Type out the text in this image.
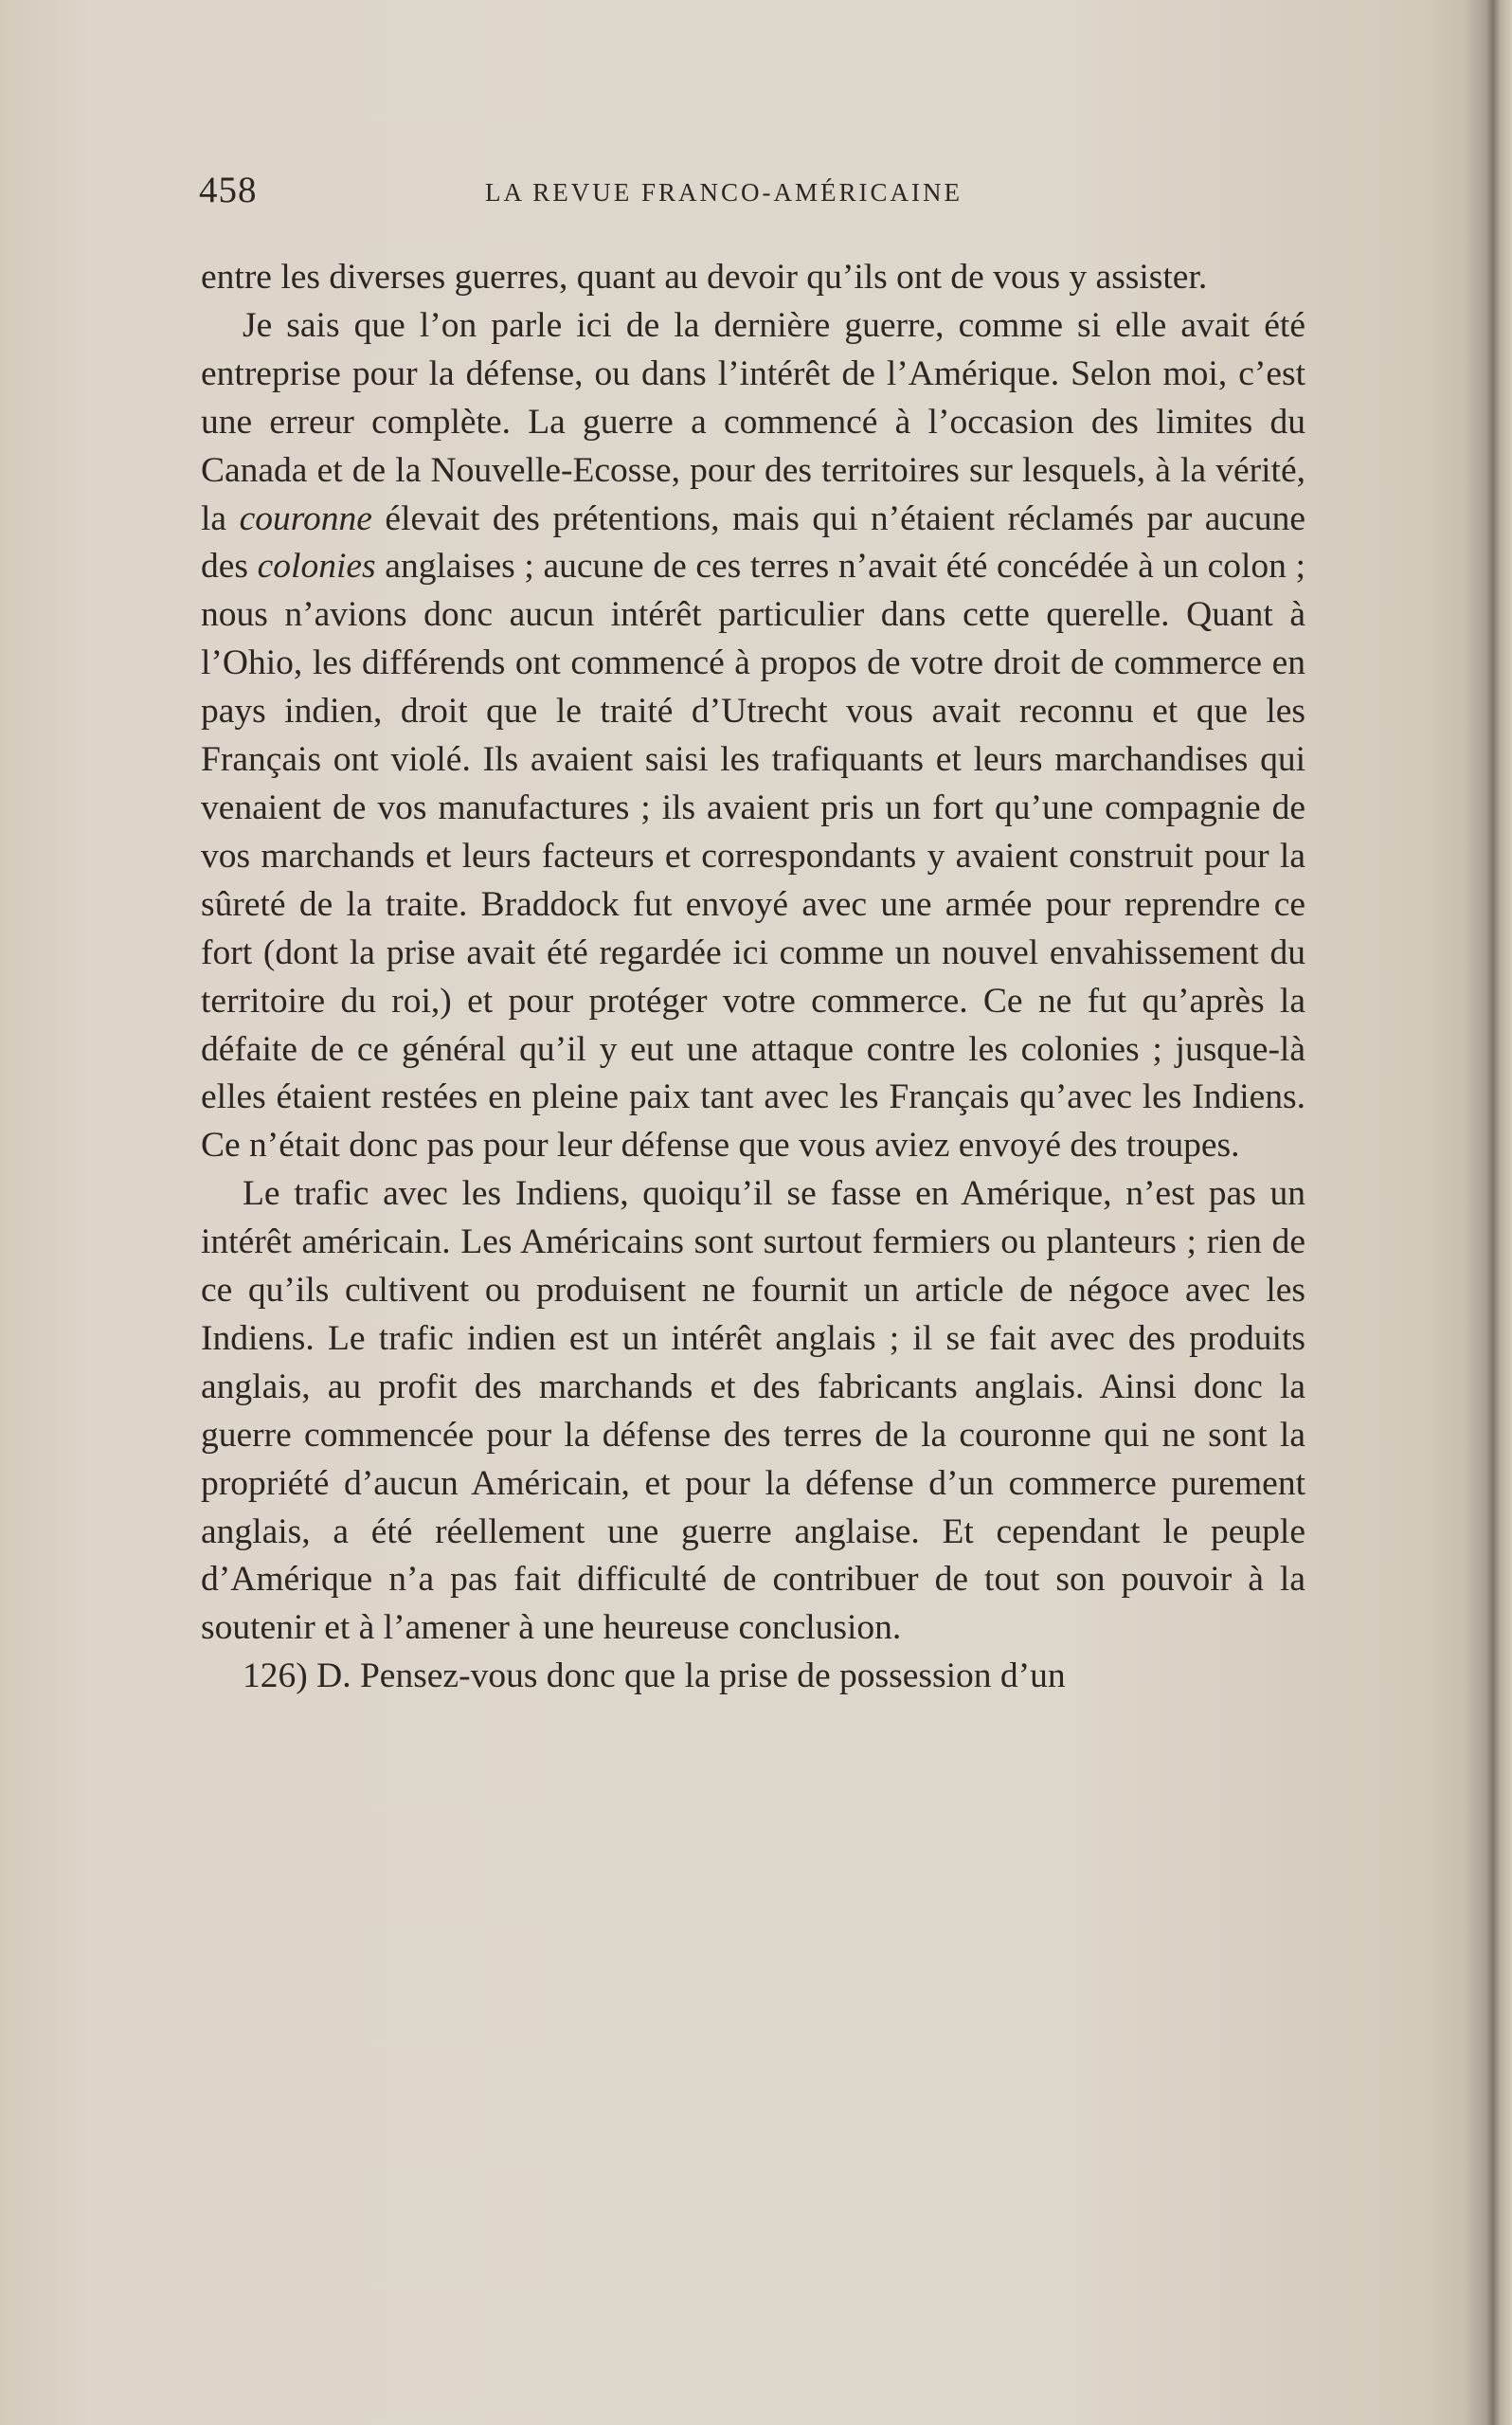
458	LA REVUE FRANCO-AMÉRICAINE

entre les diverses guerres, quant au devoir qu’ils ont de vous y assister.

Je sais que l’on parle ici de la dernière guerre, comme si elle avait été entreprise pour la défense, ou dans l’intérêt de l’Amérique. Selon moi, c’est une erreur complète. La guerre a commencé à l’occasion des limites du Canada et de la Nouvelle-Ecosse, pour des territoires sur lesquels, à la vérité, la couronne élevait des prétentions, mais qui n’étaient réclamés par aucune des colonies anglaises ; aucune de ces terres n’avait été concédée à un colon ; nous n’avions donc aucun intérêt particulier dans cette querelle. Quant à l’Ohio, les différends ont commencé à propos de votre droit de commerce en pays indien, droit que le traité d’Utrecht vous avait reconnu et que les Français ont violé. Ils avaient saisi les trafiquants et leurs marchandises qui venaient de vos manufactures ; ils avaient pris un fort qu’une compagnie de vos marchands et leurs facteurs et correspondants y avaient construit pour la sûreté de la traite. Braddock fut envoyé avec une armée pour reprendre ce fort (dont la prise avait été regardée ici comme un nouvel envahissement du territoire du roi,) et pour protéger votre commerce. Ce ne fut qu’après la défaite de ce général qu’il y eut une attaque contre les colonies ; jusque-là elles étaient restées en pleine paix tant avec les Français qu’avec les Indiens. Ce n’était donc pas pour leur défense que vous aviez envoyé des troupes.

Le trafic avec les Indiens, quoiqu’il se fasse en Amérique, n’est pas un intérêt américain. Les Américains sont surtout fermiers ou planteurs ; rien de ce qu’ils cultivent ou produisent ne fournit un article de négoce avec les Indiens. Le trafic indien est un intérêt anglais ; il se fait avec des produits anglais, au profit des marchands et des fabricants anglais. Ainsi donc la guerre commencée pour la défense des terres de la couronne qui ne sont la propriété d’aucun Américain, et pour la défense d’un commerce purement anglais, a été réellement une guerre anglaise. Et cependant le peuple d’Amérique n’a pas fait difficulté de contribuer de tout son pouvoir à la soutenir et à l’amener à une heureuse conclusion.

126) D. Pensez-vous donc que la prise de possession d’un
